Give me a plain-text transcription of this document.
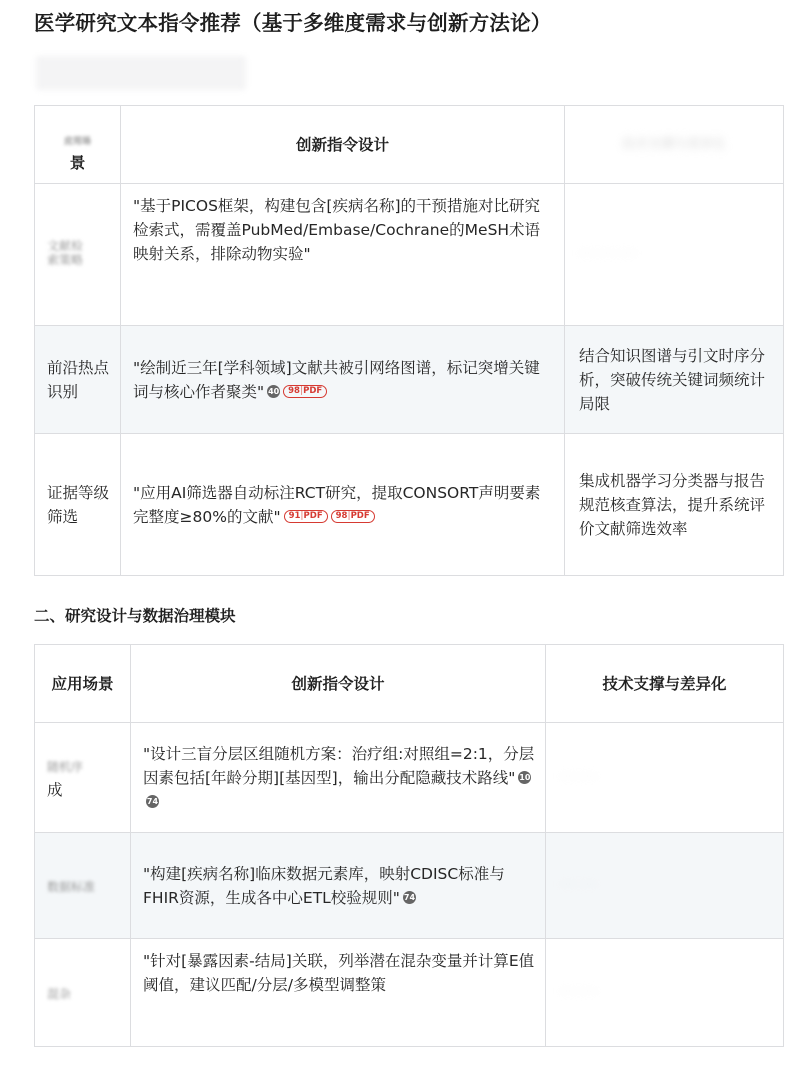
医学研究文本指令推荐（基于多维度需求与创新方法论）
应用场
景	创新指令设计	技术支撑与差异化

文献检索策略	"基于PICOS框架，构建包含[疾病名称]的干预措施对比研究检索式，需覆盖PubMed/Embase/Cochrane的MeSH术语映射关系，排除动物实验"	···· ···· ····

前沿热点识别	"绘制近三年[学科领域]文献共被引网络图谱，标记突增关键词与核心作者聚类" 40 98|PDF	结合知识图谱与引文时序分析，突破传统关键词频统计局限
证据等级筛选	"应用AI筛选器自动标注RCT研究，提取CONSORT声明要素完整度≥80%的文献" 91|PDF 98|PDF	集成机器学习分类器与报告规范核查算法，提升系统评价文献筛选效率
二、研究设计与数据治理模块
应用场景	创新指令设计	技术支撑与差异化
随机序
成	"设计三盲分层区组随机方案：治疗组:对照组=2:1，分层因素包括[年龄分期][基因型]，输出分配隐藏技术路线" 1074	···· ····

数据标准	"构建[疾病名称]临床数据元素库，映射CDISC标准与FHIR资源，生成各中心ETL校验规则" 74	···· ····

混杂	"针对[暴露因素-结局]关联，列举潜在混杂变量并计算E值阈值，建议匹配/分层/多模型调整策	···· ····
